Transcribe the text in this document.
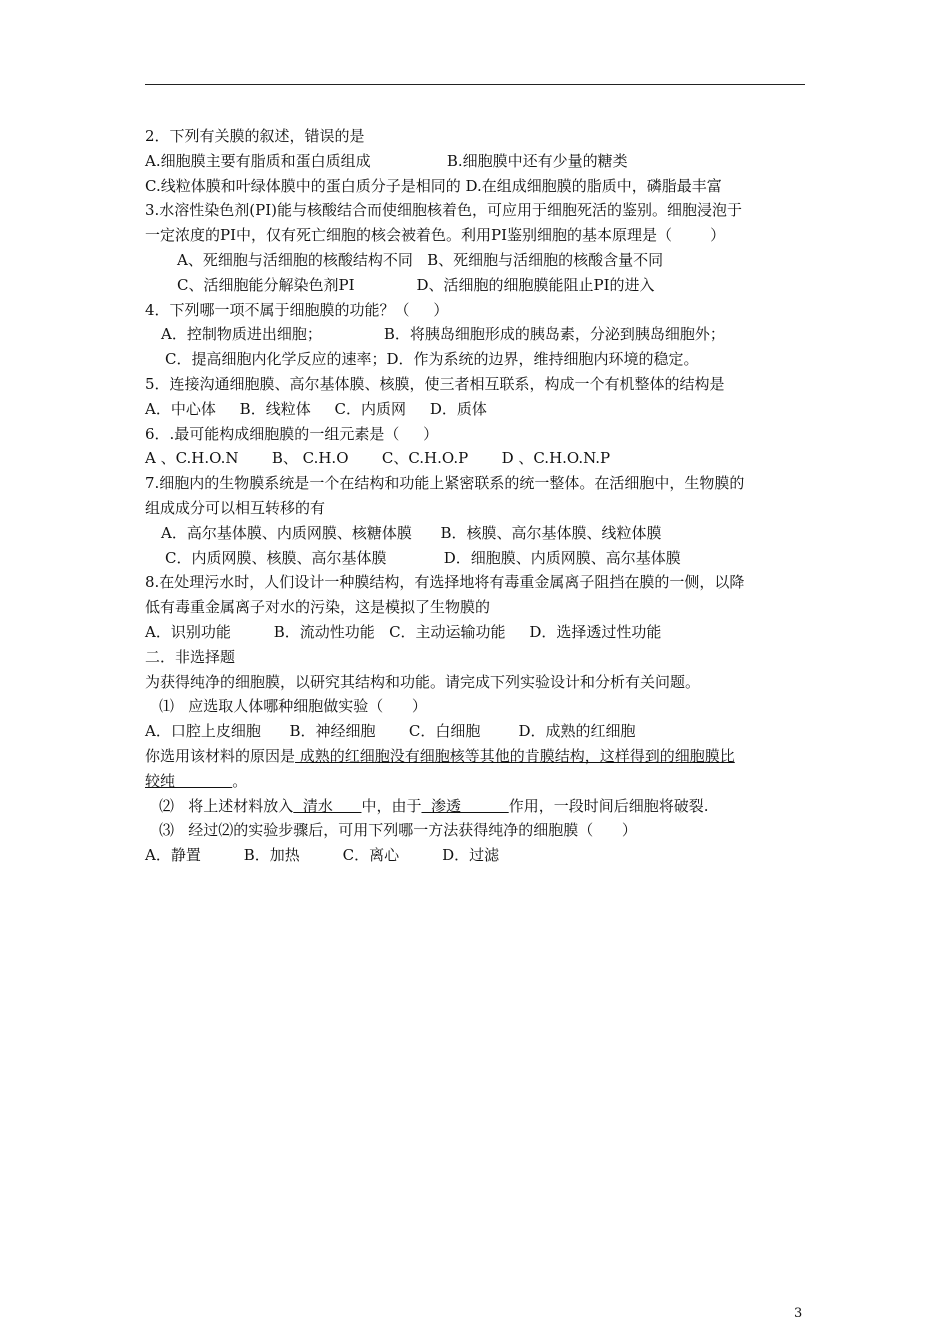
2．下列有关膜的叙述，错误的是
A.细胞膜主要有脂质和蛋白质组成                B.细胞膜中还有少量的糖类
C.线粒体膜和叶绿体膜中的蛋白质分子是相同的 D.在组成细胞膜的脂质中，磷脂最丰富
3.水溶性染色剂(PI)能与核酸结合而使细胞核着色，可应用于细胞死活的鉴别。细胞浸泡于
一定浓度的PI中，仅有死亡细胞的核会被着色。利用PI鉴别细胞的基本原理是（        ）
A、死细胞与活细胞的核酸结构不同   B、死细胞与活细胞的核酸含量不同
C、活细胞能分解染色剂PI             D、活细胞的细胞膜能阻止PI的进入
4．下列哪一项不属于细胞膜的功能？（     ）
A．控制物质进出细胞；             B．将胰岛细胞形成的胰岛素，分泌到胰岛细胞外；
C．提高细胞内化学反应的速率；D．作为系统的边界，维持细胞内环境的稳定。
5．连接沟通细胞膜、高尔基体膜、核膜，使三者相互联系，构成一个有机整体的结构是
A．中心体     B．线粒体     C．内质网     D．质体
6．.最可能构成细胞膜的一组元素是（     ）
A 、C.H.O.N       B、 C.H.O       C、C.H.O.P       D 、C.H.O.N.P
7.细胞内的生物膜系统是一个在结构和功能上紧密联系的统一整体。在活细胞中，生物膜的
组成成分可以相互转移的有
A．高尔基体膜、内质网膜、核糖体膜      B．核膜、高尔基体膜、线粒体膜
C．内质网膜、核膜、高尔基体膜            D．细胞膜、内质网膜、高尔基体膜
8.在处理污水时，人们设计一种膜结构，有选择地将有毒重金属离子阻挡在膜的一侧，以降
低有毒重金属离子对水的污染，这是模拟了生物膜的
A．识别功能         B．流动性功能   C．主动运输功能     D．选择透过性功能
二．非选择题
为获得纯净的细胞膜，以研究其结构和功能。请完成下列实验设计和分析有关问题。
⑴   应选取人体哪种细胞做实验（      ）
A．口腔上皮细胞      B．神经细胞       C．白细胞        D．成熟的红细胞
你选用该材料的原因是 成熟的红细胞没有细胞核等其他的肯膜结构，这样得到的细胞膜比
较纯            。
⑵   将上述材料放入  清水      中，由于  渗透          作用，一段时间后细胞将破裂.
⑶   经过⑵的实验步骤后，可用下列哪一方法获得纯净的细胞膜（      ）
A．静置         B．加热         C．离心         D．过滤
3
